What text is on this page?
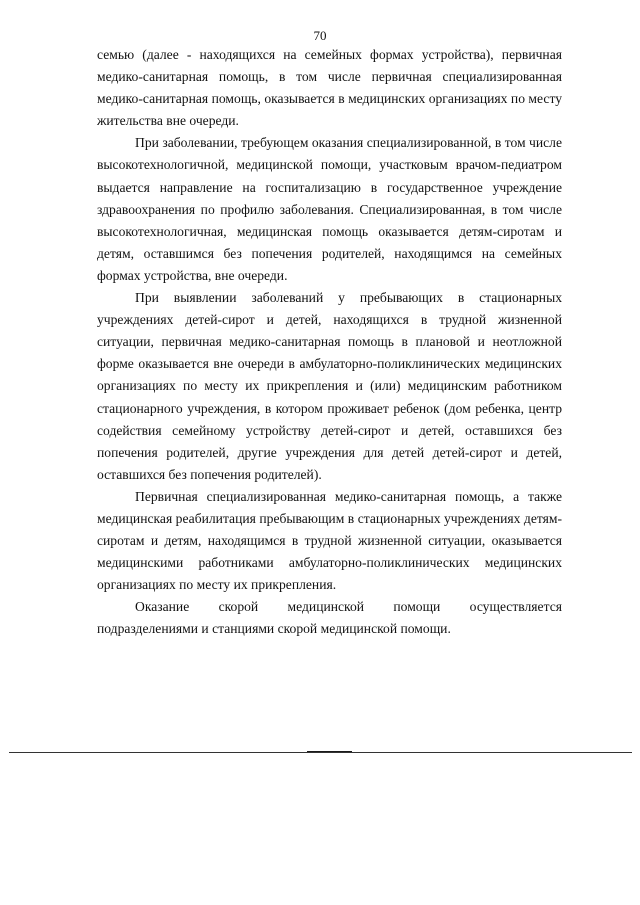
70

семью (далее - находящихся на семейных формах устройства), первичная медико-санитарная помощь, в том числе первичная специализированная медико-санитарная помощь, оказывается в медицинских организациях по месту жительства вне очереди.

При заболевании, требующем оказания специализированной, в том числе высокотехнологичной, медицинской помощи, участковым врачом-педиатром выдается направление на госпитализацию в государственное учреждение здравоохранения по профилю заболевания. Специализированная, в том числе высокотехнологичная, медицинская помощь оказывается детям-сиротам и детям, оставшимся без попечения родителей, находящимся на семейных формах устройства, вне очереди.

При выявлении заболеваний у пребывающих в стационарных учреждениях детей-сирот и детей, находящихся в трудной жизненной ситуации, первичная медико-санитарная помощь в плановой и неотложной форме оказывается вне очереди в амбулаторно-поликлинических медицинских организациях по месту их прикрепления и (или) медицинским работником стационарного учреждения, в котором проживает ребенок (дом ребенка, центр содействия семейному устройству детей-сирот и детей, оставшихся без попечения родителей, другие учреждения для детей детей-сирот и детей, оставшихся без попечения родителей).

Первичная специализированная медико-санитарная помощь, а также медицинская реабилитация пребывающим в стационарных учреждениях детям-сиротам и детям, находящимся в трудной жизненной ситуации, оказывается медицинскими работниками амбулаторно-поликлинических медицинских организациях по месту их прикрепления.

Оказание скорой медицинской помощи осуществляется подразделениями и станциями скорой медицинской помощи.
